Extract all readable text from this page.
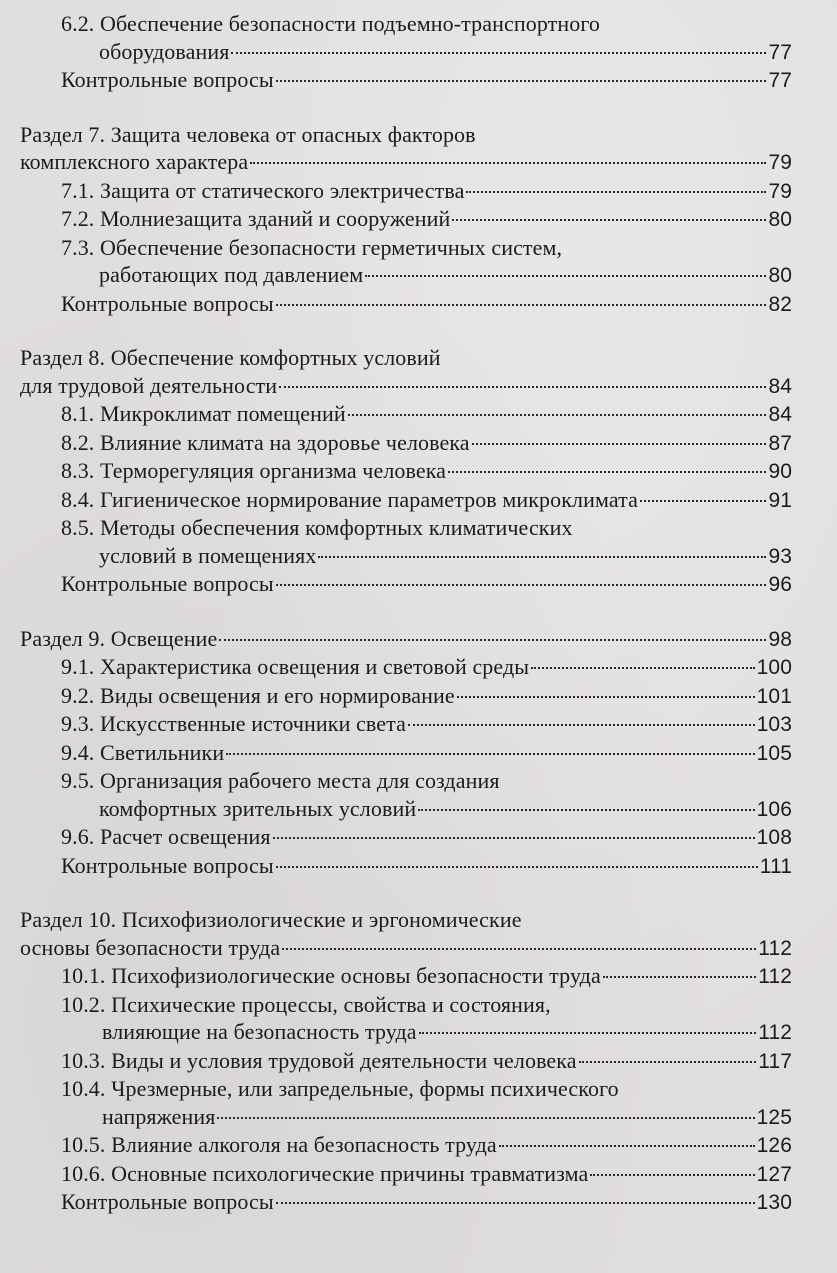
6.2. Обеспечение безопасности подъемно-транспортного
оборудования	77
Контрольные вопросы	77
Раздел 7. Защита человека от опасных факторов
комплексного характера	79
7.1. Защита от статического электричества	79
7.2. Молниезащита зданий и сооружений	80
7.3. Обеспечение безопасности герметичных систем,
работающих под давлением	80
Контрольные вопросы	82
Раздел 8. Обеспечение комфортных условий
для трудовой деятельности	84
8.1. Микроклимат помещений	84
8.2. Влияние климата на здоровье человека	87
8.3. Терморегуляция организма человека	90
8.4. Гигиеническое нормирование параметров микроклимата	91
8.5. Методы обеспечения комфортных климатических
условий в помещениях	93
Контрольные вопросы	96
Раздел 9. Освещение	98
9.1. Характеристика освещения и световой среды	100
9.2. Виды освещения и его нормирование	101
9.3. Искусственные источники света	103
9.4. Светильники	105
9.5. Организация рабочего места для создания
комфортных зрительных условий	106
9.6. Расчет освещения	108
Контрольные вопросы	111
Раздел 10. Психофизиологические и эргономические
основы безопасности труда	112
10.1. Психофизиологические основы безопасности труда	112
10.2. Психические процессы, свойства и состояния,
влияющие на безопасность труда	112
10.3. Виды и условия трудовой деятельности человека	117
10.4. Чрезмерные, или запредельные, формы психического
напряжения	125
10.5. Влияние алкоголя на безопасность труда	126
10.6. Основные психологические причины травматизма	127
Контрольные вопросы	130
